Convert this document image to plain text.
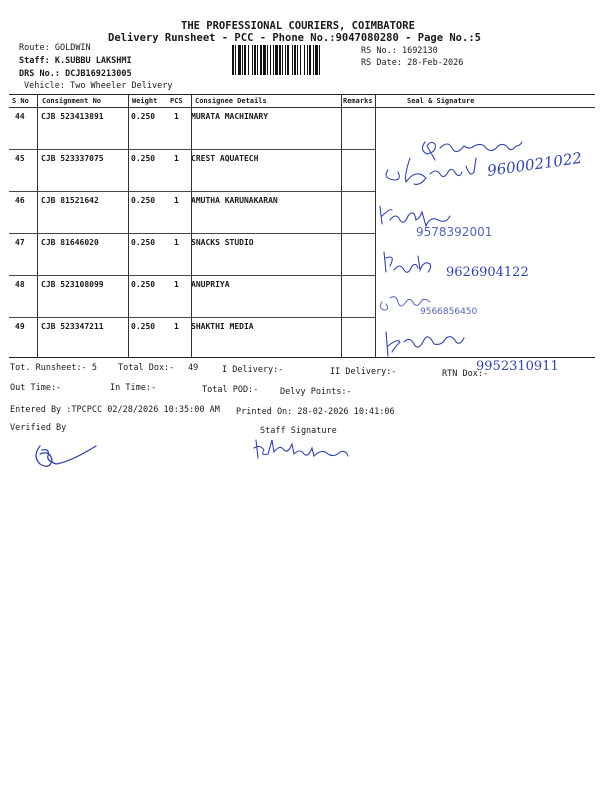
THE PROFESSIONAL COURIERS, COIMBATORE
Delivery Runsheet - PCC - Phone No.:9047080280 - Page No.:5
Route: GOLDWIN
Staff: K.SUBBU LAKSHMI
DRS No.: DCJB169213005
Vehicle: Two Wheeler Delivery
RS No.: 1692130
RS Date: 28-Feb-2026
S No Consignment No	Weight PCS Consignee Details	Remarks	Seal & Signature
44 CJB 523413891	0.250 1 MURATA MACHINARY
45 CJB 523337075	0.250 1 CREST AQUATECH
46 CJB 81521642	0.250 1 AMUTHA KARUNAKARAN
47 CJB 81646020	0.250 1 SNACKS STUDIO
48 CJB 523108099	0.250 1 ANUPRIYA
49 CJB 523347211	0.250 1 SHAKTHI MEDIA
9600021022
9578392001
9626904122
9566856450
9952310911
Tot. Runsheet:- 5 Total Dox:- 49	I Delivery:-	II Delivery:-	RTN Dox:-
Out Time:-	In Time:-	Total POD:-	Delvy Points:-
Entered By :TPCPCC 02/28/2026 10:35:00 AM Printed On: 28-02-2026 10:41:06
Verified By	Staff Signature
